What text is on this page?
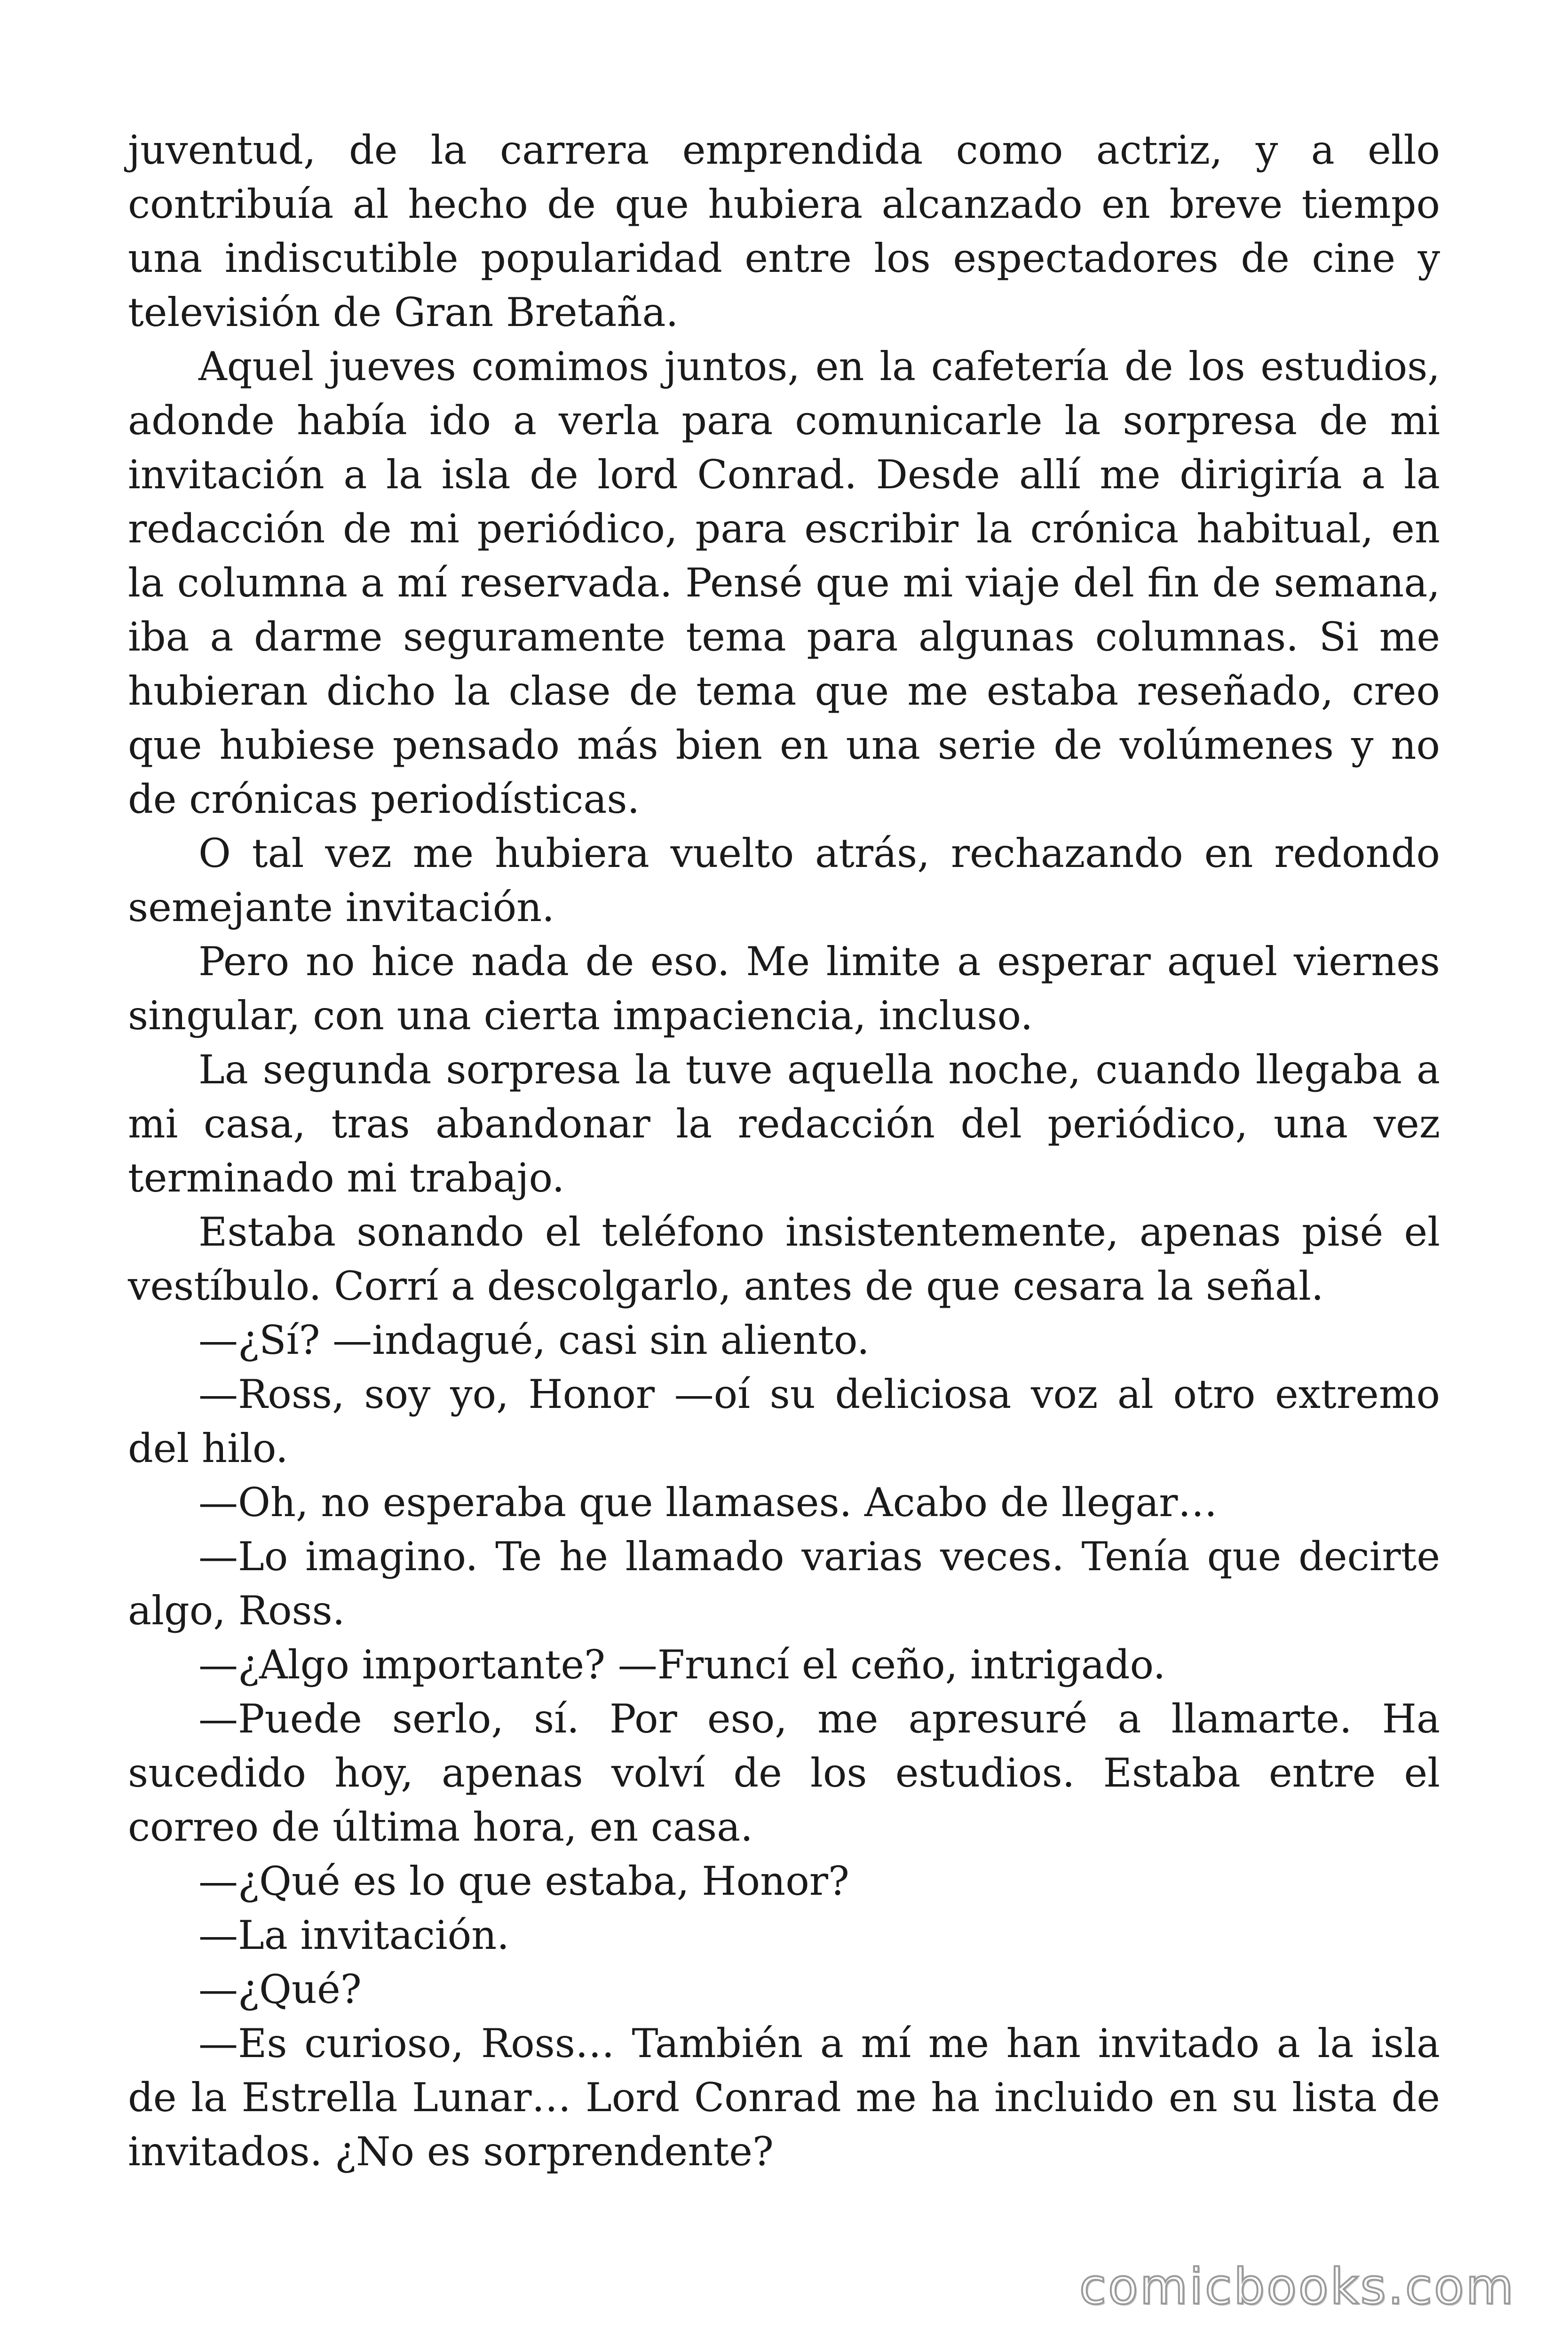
juventud, de la carrera emprendida como actriz, y a ello contribuía al hecho de que hubiera alcanzado en breve tiempo una indiscutible popularidad entre los espectadores de cine y televisión de Gran Bretaña.

Aquel jueves comimos juntos, en la cafetería de los estudios, adonde había ido a verla para comunicarle la sorpresa de mi invitación a la isla de lord Conrad. Desde allí me dirigiría a la redacción de mi periódico, para escribir la crónica habitual, en la columna a mí reservada. Pensé que mi viaje del fin de semana, iba a darme seguramente tema para algunas columnas. Si me hubieran dicho la clase de tema que me estaba reseñado, creo que hubiese pensado más bien en una serie de volúmenes y no de crónicas periodísticas.

O tal vez me hubiera vuelto atrás, rechazando en redondo semejante invitación.

Pero no hice nada de eso. Me limite a esperar aquel viernes singular, con una cierta impaciencia, incluso.

La segunda sorpresa la tuve aquella noche, cuando llegaba a mi casa, tras abandonar la redacción del periódico, una vez terminado mi trabajo.

Estaba sonando el teléfono insistentemente, apenas pisé el vestíbulo. Corrí a descolgarlo, antes de que cesara la señal.

—¿Sí? —indagué, casi sin aliento.

—Ross, soy yo, Honor —oí su deliciosa voz al otro extremo del hilo.

—Oh, no esperaba que llamases. Acabo de llegar…

—Lo imagino. Te he llamado varias veces. Tenía que decirte algo, Ross.

—¿Algo importante? —Fruncí el ceño, intrigado.

—Puede serlo, sí. Por eso, me apresuré a llamarte. Ha sucedido hoy, apenas volví de los estudios. Estaba entre el correo de última hora, en casa.

—¿Qué es lo que estaba, Honor?

—La invitación.

—¿Qué?

—Es curioso, Ross… También a mí me han invitado a la isla de la Estrella Lunar… Lord Conrad me ha incluido en su lista de invitados. ¿No es sorprendente?

comicbooks.com
